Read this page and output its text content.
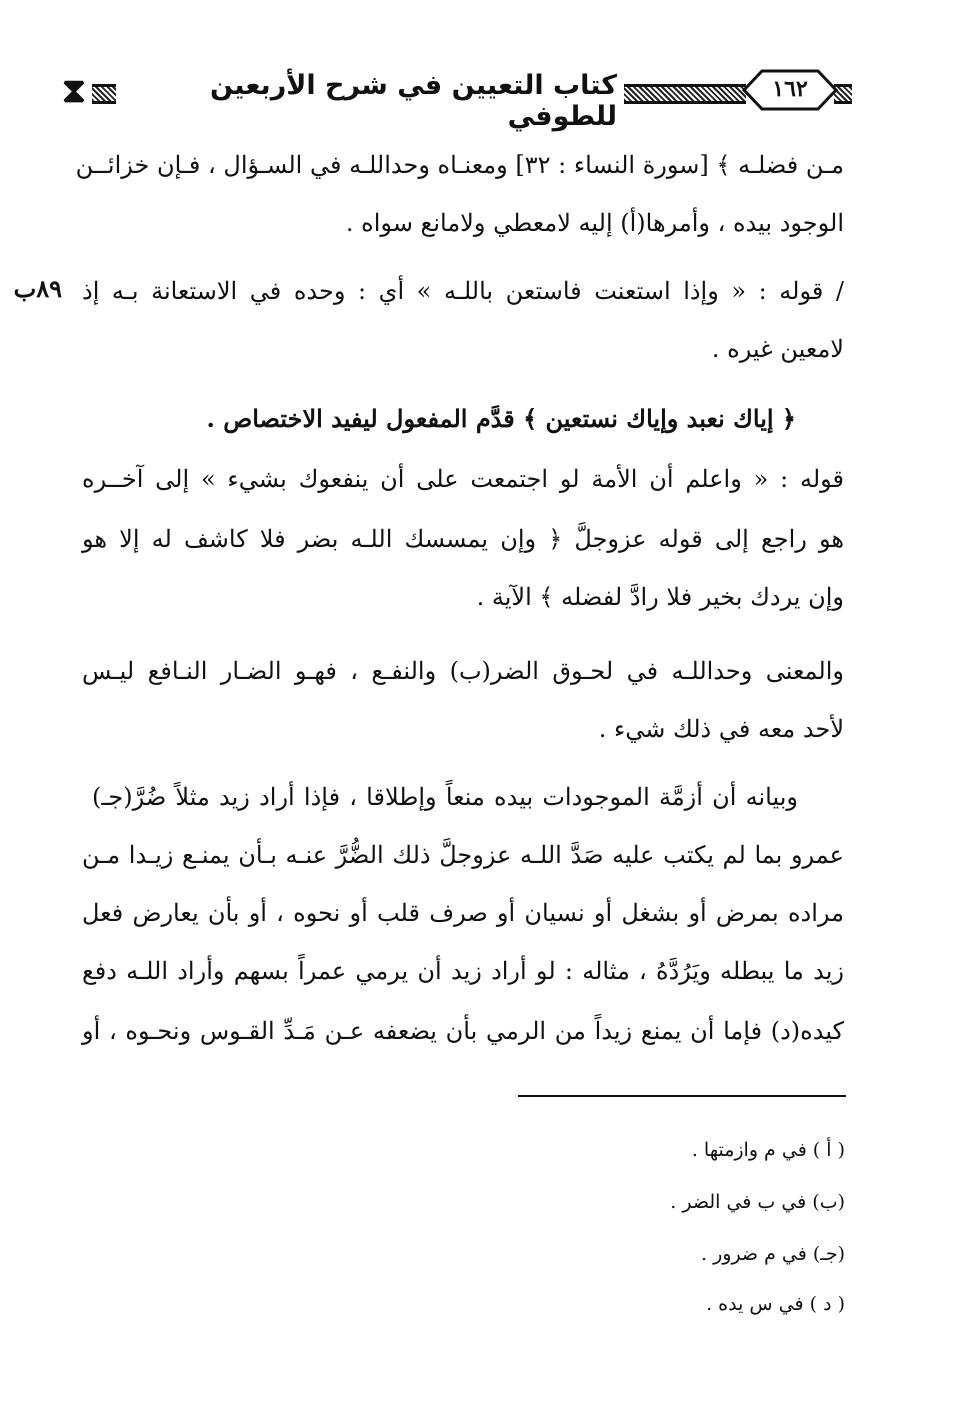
⧗	كتاب التعيين في شرح الأربعين للطوفي
١٦٢
٨٩ب
مـن فضلـه ﴾ [سورة النساء : ٣٢] ومعنـاه وحداللـه في السـؤال ، فـإن خزائــن
الوجود بيده ، وأمرها(أ) إليه لامعطي ولامانع سواه .
/ قوله : « وإذا استعنت فاستعن باللـه » أي : وحده في الاستعانة بـه إذ
لامعين غيره .
﴿ إياك نعبد وإياك نستعين ﴾ قدَّم المفعول ليفيد الاختصاص .
قوله : « واعلم أن الأمة لو اجتمعت على أن ينفعوك بشيء » إلى آخــره
هو راجع إلى قوله عزوجلَّ ﴿ وإن يمسسك اللـه بضر فلا كاشف له إلا هو
وإن يردك بخير فلا رادَّ لفضله ﴾ الآية .
والمعنى وحداللـه في لحـوق الضر(ب) والنفـع ، فهـو الضـار النـافع ليـس
لأحد معه في ذلك شيء .
وبيانه أن أزمَّة الموجودات بيده منعاً وإطلاقا ، فإذا أراد زيد مثلاً ضُرَّ(جـ)
عمرو بما لم يكتب عليه صَدَّ اللـه عزوجلَّ ذلك الضُّرَّ عنـه بـأن يمنـع زيـدا مـن
مراده بمرض أو بشغل أو نسيان أو صرف قلب أو نحوه ، أو بأن يعارض فعل
زيد ما يبطله ويَرُدَّهُ ، مثاله : لو أراد زيد أن يرمي عمراً بسهم وأراد اللـه دفع
كيده(د) فإما أن يمنع زيداً من الرمي بأن يضعفه عـن مَـدِّ القـوس ونحـوه ، أو
( أ ) في م وازمتها .
(ب) في ب في الضر .
(جـ) في م ضرور .
( د ) في س يده .
